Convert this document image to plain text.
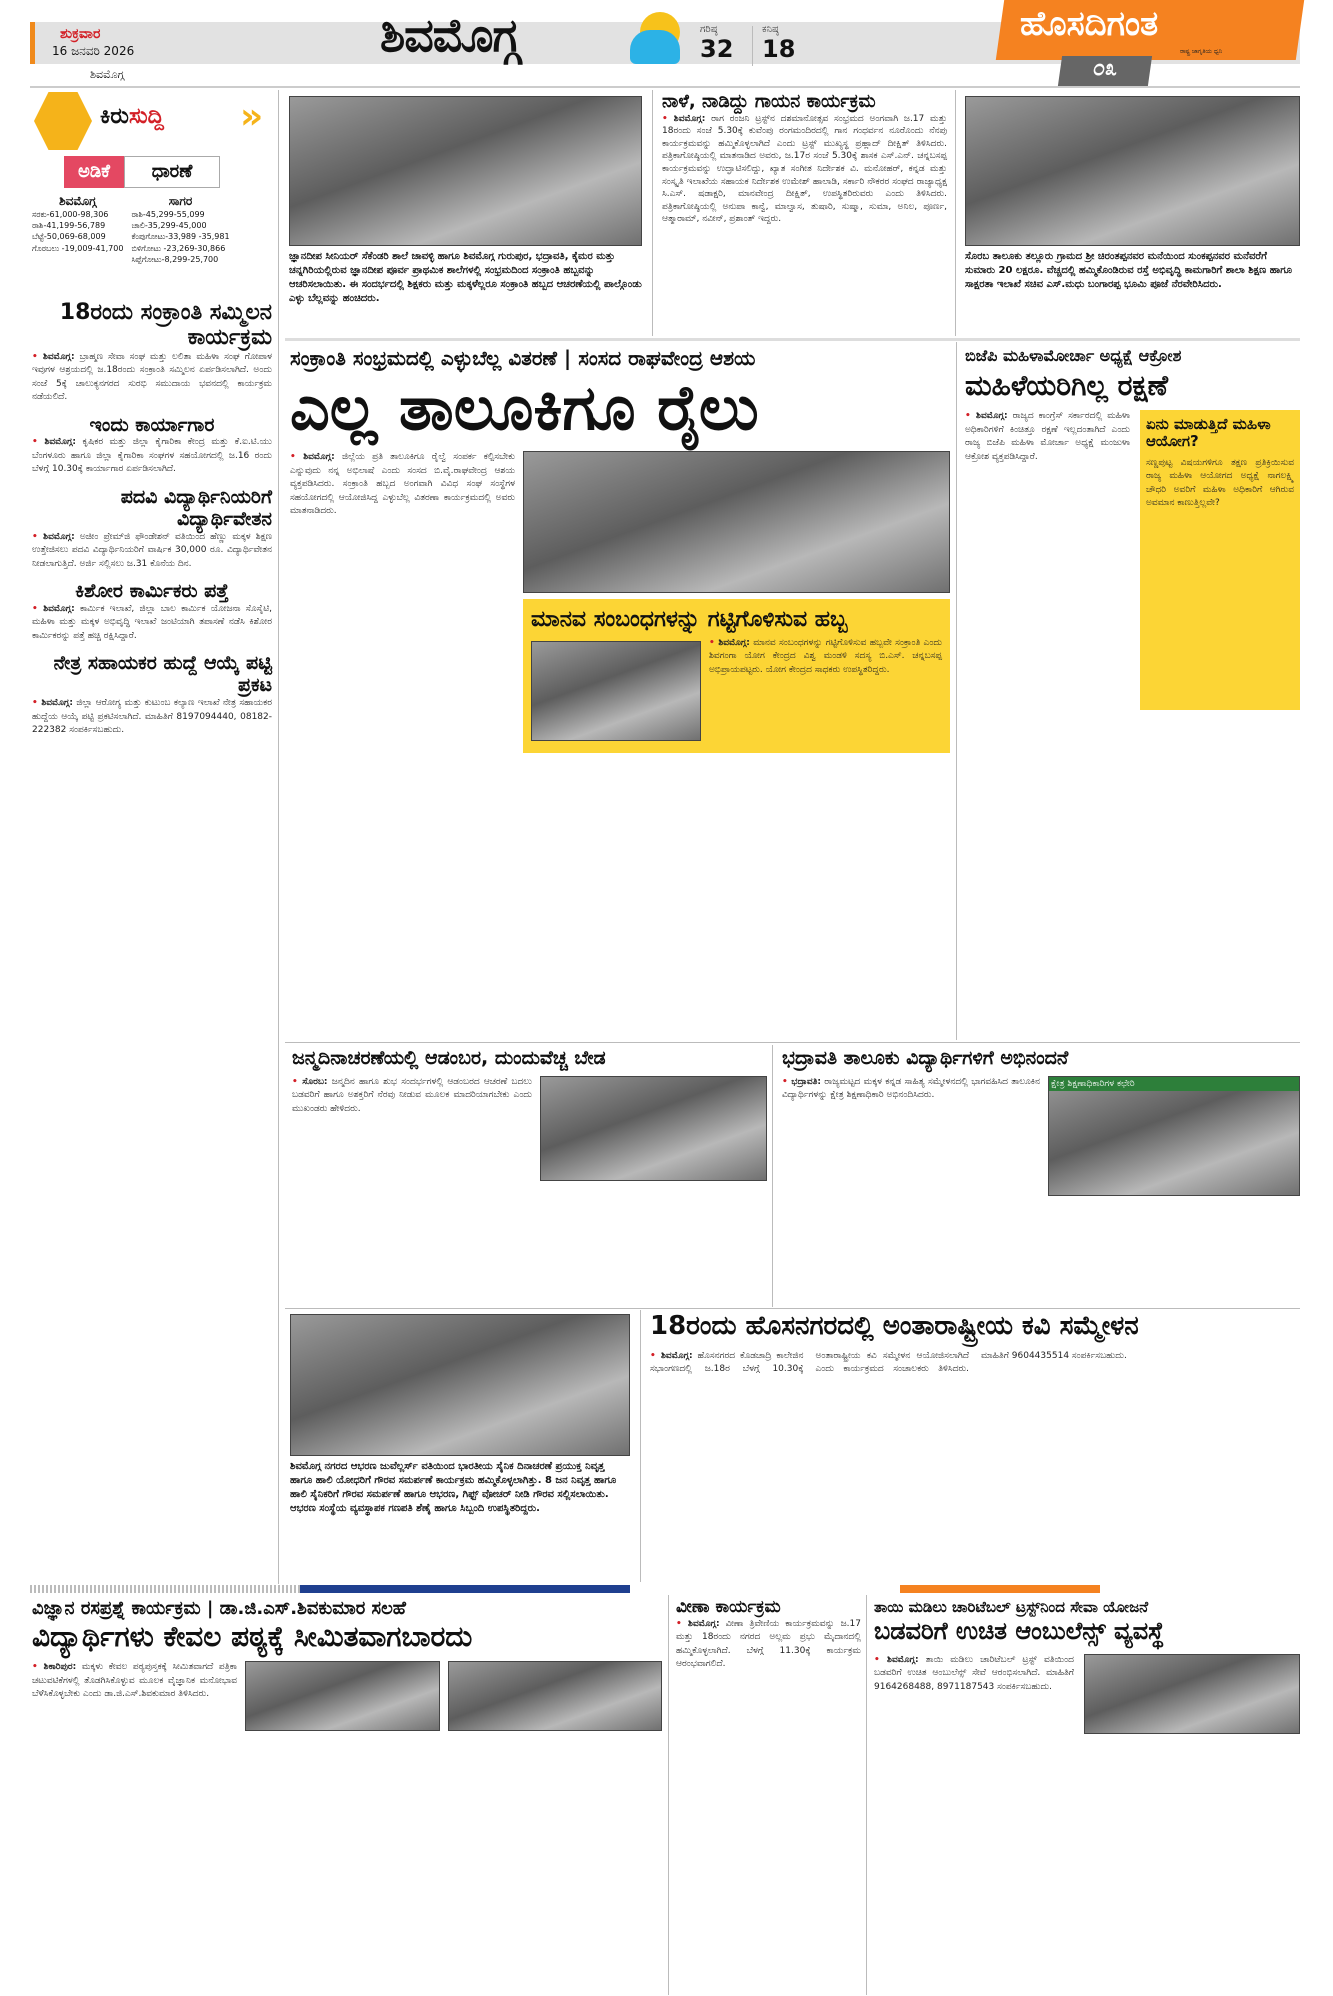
ಶುಕ್ರವಾರ
16 ಜನವರಿ 2026
ಶಿವಮೊಗ್ಗ
ಶಿವಮೊಗ್ಗ	ಗರಿಷ್ಠ
32
ಕನಿಷ್ಠ
18
ಹೊಸದಿಗಂತ
ರಾಷ್ಟ್ರ ಜಾಗೃತಿಯ ಧ್ವನಿ
೦೩
ಕಿರುಸುದ್ದಿ »
ಅಡಿಕೆ	ಧಾರಣೆ
ಶಿವಮೊಗ್ಗ
ಸರಕು-61,000-98,306
ರಾಶಿ-41,199-56,789
ಬೆಟ್ಟೆ-50,069-68,009
ಗೊರಬಲು -19,009-41,700
ಸಾಗರ
ರಾಶಿ-45,299-55,099
ಚಾಲಿ-35,299-45,000
ಕೆಂಪುಗೋಟು-33,989 -35,981
ಬಿಳಿಗೋಟು -23,269-30,866
ಸಿಪ್ಪೆಗೋಟು-8,299-25,700
18ರಂದು ಸಂಕ್ರಾಂತಿ ಸಮ್ಮಿಲನ ಕಾರ್ಯಕ್ರಮ

• ಶಿವಮೊಗ್ಗ: ಬ್ರಾಹ್ಮಣ ಸೇವಾ ಸಂಘ ಮತ್ತು ಲಲಿತಾ ಮಹಿಳಾ ಸಂಘ ಗೋಪಾಳ ಇವುಗಳ ಆಶ್ರಯದಲ್ಲಿ ಜ.18ರಂದು ಸಂಕ್ರಾಂತಿ ಸಮ್ಮಿಲನ ಏರ್ಪಡಿಸಲಾಗಿದೆ. ಅಂದು ಸಂಜೆ 5ಕ್ಕೆ ಚಾಲುಕ್ಯನಗರದ ಸುರಭಿ ಸಮುದಾಯ ಭವನದಲ್ಲಿ ಕಾರ್ಯಕ್ರಮ ನಡೆಯಲಿದೆ.

ಇಂದು ಕಾರ್ಯಾಗಾರ

• ಶಿವಮೊಗ್ಗ: ಕೃಷಿಕರ ಮತ್ತು ಜಿಲ್ಲಾ ಕೈಗಾರಿಕಾ ಕೇಂದ್ರ ಮತ್ತು ಕೆ.ಐ.ಟಿ.ಯು ಬೆಂಗಳೂರು ಹಾಗೂ ಜಿಲ್ಲಾ ಕೈಗಾರಿಕಾ ಸಂಘಗಳ ಸಹಯೋಗದಲ್ಲಿ ಜ.16 ರಂದು ಬೆಳಗ್ಗೆ 10.30ಕ್ಕೆ ಕಾರ್ಯಾಗಾರ ಏರ್ಪಡಿಸಲಾಗಿದೆ.

ಪದವಿ ವಿದ್ಯಾರ್ಥಿನಿಯರಿಗೆ ವಿದ್ಯಾರ್ಥಿವೇತನ

• ಶಿವಮೊಗ್ಗ: ಅಜೀಂ ಪ್ರೇಮ್‌ಜಿ ಫೌಂಡೇಶನ್ ವತಿಯಿಂದ ಹೆಣ್ಣು ಮಕ್ಕಳ ಶಿಕ್ಷಣ ಉತ್ತೇಜಿಸಲು ಪದವಿ ವಿದ್ಯಾರ್ಥಿನಿಯರಿಗೆ ವಾರ್ಷಿಕ 30,000 ರೂ. ವಿದ್ಯಾರ್ಥಿವೇತನ ನೀಡಲಾಗುತ್ತಿದೆ. ಅರ್ಜಿ ಸಲ್ಲಿಸಲು ಜ.31 ಕೊನೆಯ ದಿನ.

ಕಿಶೋರ ಕಾರ್ಮಿಕರು ಪತ್ತೆ

• ಶಿವಮೊಗ್ಗ: ಕಾರ್ಮಿಕ ಇಲಾಖೆ, ಜಿಲ್ಲಾ ಬಾಲ ಕಾರ್ಮಿಕ ಯೋಜನಾ ಸೊಸೈಟಿ, ಮಹಿಳಾ ಮತ್ತು ಮಕ್ಕಳ ಅಭಿವೃದ್ಧಿ ಇಲಾಖೆ ಜಂಟಿಯಾಗಿ ತಪಾಸಣೆ ನಡೆಸಿ ಕಿಶೋರ ಕಾರ್ಮಿಕರನ್ನು ಪತ್ತೆ ಹಚ್ಚಿ ರಕ್ಷಿಸಿದ್ದಾರೆ.

ನೇತ್ರ ಸಹಾಯಕರ ಹುದ್ದೆ ಆಯ್ಕೆ ಪಟ್ಟಿ ಪ್ರಕಟ

• ಶಿವಮೊಗ್ಗ: ಜಿಲ್ಲಾ ಆರೋಗ್ಯ ಮತ್ತು ಕುಟುಂಬ ಕಲ್ಯಾಣ ಇಲಾಖೆ ನೇತ್ರ ಸಹಾಯಕರ ಹುದ್ದೆಯ ಆಯ್ಕೆ ಪಟ್ಟಿ ಪ್ರಕಟಿಸಲಾಗಿದೆ. ಮಾಹಿತಿಗೆ 8197094440, 08182-222382 ಸಂಪರ್ಕಿಸಬಹುದು.

ಜ್ಞಾನದೀಪ ಸೀನಿಯರ್ ಸೆಕೆಂಡರಿ ಶಾಲೆ ಜಾವಳ್ಳಿ ಹಾಗೂ ಶಿವಮೊಗ್ಗ ಗುರುಪುರ, ಭದ್ರಾವತಿ, ಕೈಮರ ಮತ್ತು ಚನ್ನಗಿರಿಯಲ್ಲಿರುವ ಜ್ಞಾನದೀಪ ಪೂರ್ವ ಪ್ರಾಥಮಿಕ ಶಾಲೆಗಳಲ್ಲಿ ಸಂಭ್ರಮದಿಂದ ಸಂಕ್ರಾಂತಿ ಹಬ್ಬವನ್ನು ಆಚರಿಸಲಾಯಿತು. ಈ ಸಂದರ್ಭದಲ್ಲಿ ಶಿಕ್ಷಕರು ಮತ್ತು ಮಕ್ಕಳೆಲ್ಲರೂ ಸಂಕ್ರಾಂತಿ ಹಬ್ಬದ ಆಚರಣೆಯಲ್ಲಿ ಪಾಲ್ಗೊಂಡು ಎಳ್ಳು ಬೆಲ್ಲವನ್ನು ಹಂಚಿದರು.

ನಾಳೆ, ನಾಡಿದ್ದು ಗಾಯನ ಕಾರ್ಯಕ್ರಮ

• ಶಿವಮೊಗ್ಗ: ರಾಗ ರಂಜನಿ ಟ್ರಸ್ಟ್‌ನ ದಶಮಾನೋತ್ಸವ ಸಂಭ್ರಮದ ಅಂಗವಾಗಿ ಜ.17 ಮತ್ತು 18ರಂದು ಸಂಜೆ 5.30ಕ್ಕೆ ಕುವೆಂಪು ರಂಗಮಂದಿರದಲ್ಲಿ ಗಾನ ಗಂಧರ್ವನ ನೂರೊಂದು ನೆನಪು ಕಾರ್ಯಕ್ರಮವನ್ನು ಹಮ್ಮಿಕೊಳ್ಳಲಾಗಿದೆ ಎಂದು ಟ್ರಸ್ಟ್ ಮುಖ್ಯಸ್ಥ ಪ್ರಹ್ಲಾದ್ ದೀಕ್ಷಿತ್ ತಿಳಿಸಿದರು. ಪತ್ರಿಕಾಗೋಷ್ಠಿಯಲ್ಲಿ ಮಾತನಾಡಿದ ಅವರು, ಜ.17ರ ಸಂಜೆ 5.30ಕ್ಕೆ ಶಾಸಕ ಎಸ್.ಎನ್. ಚನ್ನಬಸಪ್ಪ ಕಾರ್ಯಕ್ರಮವನ್ನು ಉದ್ಘಾಟಿಸಲಿದ್ದು, ಖ್ಯಾತ ಸಂಗೀತ ನಿರ್ದೇಶಕ ವಿ. ಮನೋಹರ್, ಕನ್ನಡ ಮತ್ತು ಸಂಸ್ಕೃತಿ ಇಲಾಖೆಯ ಸಹಾಯಕ ನಿರ್ದೇಶಕ ಉಮೇಶ್ ಹಾಲಾಡಿ, ಸರ್ಕಾರಿ ನೌಕರರ ಸಂಘದ ರಾಜ್ಯಾಧ್ಯಕ್ಷ ಸಿ.ಎಸ್. ಷಡಾಕ್ಷರಿ, ಮಾನವೇಂದ್ರ ದೀಕ್ಷಿತ್, ಉಪಸ್ಥಿತರಿರುವರು ಎಂದು ತಿಳಿಸಿದರು. ಪತ್ರಿಕಾಗೋಷ್ಠಿಯಲ್ಲಿ ಅನುಪಾ ಕಾನ್ವೆ, ಮಾಲ್ವಾಸ, ತುಷಾರಿ, ಸುಷ್ಮಾ, ಸುಮಾ, ಅನಿಲ, ಪೂರ್ಣ, ಆತ್ಮಾರಾಮ್, ನವೀನ್, ಪ್ರಶಾಂತ್ ಇದ್ದರು.

ಸೊರಬ ತಾಲೂಕು ತಲ್ಲೂರು ಗ್ರಾಮದ ಶ್ರೀ ಚಿರಂತಪ್ಪನವರ ಮನೆಯಿಂದ ಸುಂಕಪ್ಪನವರ ಮನೆವರೆಗೆ ಸುಮಾರು 20 ಲಕ್ಷರೂ. ವೆಚ್ಚದಲ್ಲಿ ಹಮ್ಮಿಕೊಂಡಿರುವ ರಸ್ತೆ ಅಭಿವೃದ್ಧಿ ಕಾಮಗಾರಿಗೆ ಶಾಲಾ ಶಿಕ್ಷಣ ಹಾಗೂ ಸಾಕ್ಷರತಾ ಇಲಾಖೆ ಸಚಿವ ಎಸ್.ಮಧು ಬಂಗಾರಪ್ಪ ಭೂಮಿ ಪೂಜೆ ನೆರವೇರಿಸಿದರು.

ಸಂಕ್ರಾಂತಿ ಸಂಭ್ರಮದಲ್ಲಿ ಎಳ್ಳುಬೆಲ್ಲ ವಿತರಣೆ | ಸಂಸದ ರಾಘವೇಂದ್ರ ಆಶಯ
ಎಲ್ಲ ತಾಲೂಕಿಗೂ ರೈಲು

• ಶಿವಮೊಗ್ಗ: ಜಿಲ್ಲೆಯ ಪ್ರತಿ ತಾಲೂಕಿಗೂ ರೈಲ್ವೆ ಸಂಪರ್ಕ ಕಲ್ಪಿಸಬೇಕು ಎನ್ನುವುದು ನನ್ನ ಅಭಿಲಾಷೆ ಎಂದು ಸಂಸದ ಬಿ.ವೈ.ರಾಘವೇಂದ್ರ ಆಶಯ ವ್ಯಕ್ತಪಡಿಸಿದರು. ಸಂಕ್ರಾಂತಿ ಹಬ್ಬದ ಅಂಗವಾಗಿ ವಿವಿಧ ಸಂಘ ಸಂಸ್ಥೆಗಳ ಸಹಯೋಗದಲ್ಲಿ ಆಯೋಜಿಸಿದ್ದ ಎಳ್ಳುಬೆಲ್ಲ ವಿತರಣಾ ಕಾರ್ಯಕ್ರಮದಲ್ಲಿ ಅವರು ಮಾತನಾಡಿದರು.

ಮಾನವ ಸಂಬಂಧಗಳನ್ನು ಗಟ್ಟಿಗೊಳಿಸುವ ಹಬ್ಬ

• ಶಿವಮೊಗ್ಗ: ಮಾನವ ಸಂಬಂಧಗಳನ್ನು ಗಟ್ಟಿಗೊಳಿಸುವ ಹಬ್ಬವೇ ಸಂಕ್ರಾಂತಿ ಎಂದು ಶಿವಗಂಗಾ ಯೋಗ ಕೇಂದ್ರದ ವಿಶ್ವ ಮಂಡಳಿ ಸದಸ್ಯ ಬಿ.ಎಸ್. ಚನ್ನಬಸಪ್ಪ ಅಭಿಪ್ರಾಯಪಟ್ಟರು. ಯೋಗ ಕೇಂದ್ರದ ಸಾಧಕರು ಉಪಸ್ಥಿತರಿದ್ದರು.

ಬಿಜೆಪಿ ಮಹಿಳಾಮೋರ್ಚಾ ಅಧ್ಯಕ್ಷೆ ಆಕ್ರೋಶ
ಮಹಿಳೆಯರಿಗಿಲ್ಲ ರಕ್ಷಣೆ

• ಶಿವಮೊಗ್ಗ: ರಾಜ್ಯದ ಕಾಂಗ್ರೆಸ್ ಸರ್ಕಾರದಲ್ಲಿ ಮಹಿಳಾ ಅಧಿಕಾರಿಗಳಿಗೆ ಕಿಂಚಿತ್ತೂ ರಕ್ಷಣೆ ಇಲ್ಲದಂತಾಗಿದೆ ಎಂದು ರಾಜ್ಯ ಬಿಜೆಪಿ ಮಹಿಳಾ ಮೋರ್ಚಾ ಅಧ್ಯಕ್ಷೆ ಮಂಜುಳಾ ಆಕ್ರೋಶ ವ್ಯಕ್ತಪಡಿಸಿದ್ದಾರೆ.

ಏನು ಮಾಡುತ್ತಿದೆ ಮಹಿಳಾ ಆಯೋಗ?

ಸಣ್ಣಪುಟ್ಟ ವಿಷಯಗಳಿಗೂ ತಕ್ಷಣ ಪ್ರತಿಕ್ರಿಯಿಸುವ ರಾಜ್ಯ ಮಹಿಳಾ ಆಯೋಗದ ಅಧ್ಯಕ್ಷೆ ನಾಗಲಕ್ಷ್ಮಿ ಚೌಧರಿ ಅವರಿಗೆ ಮಹಿಳಾ ಅಧಿಕಾರಿಗೆ ಆಗಿರುವ ಅವಮಾನ ಕಾಣುತ್ತಿಲ್ಲವೇ?

ಜನ್ಮದಿನಾಚರಣೆಯಲ್ಲಿ ಆಡಂಬರ, ದುಂದುವೆಚ್ಚ ಬೇಡ

• ಸೊರಬ: ಜನ್ಮದಿನ ಹಾಗೂ ಶುಭ ಸಂದರ್ಭಗಳಲ್ಲಿ ಆಡಂಬರದ ಆಚರಣೆ ಬದಲು ಬಡವರಿಗೆ ಹಾಗೂ ಅಶಕ್ತರಿಗೆ ನೆರವು ನೀಡುವ ಮೂಲಕ ಮಾದರಿಯಾಗಬೇಕು ಎಂದು ಮುಖಂಡರು ಹೇಳಿದರು.

ಭದ್ರಾವತಿ ತಾಲೂಕು ವಿದ್ಯಾರ್ಥಿಗಳಿಗೆ ಅಭಿನಂದನೆ

• ಭದ್ರಾವತಿ: ರಾಜ್ಯಮಟ್ಟದ ಮಕ್ಕಳ ಕನ್ನಡ ಸಾಹಿತ್ಯ ಸಮ್ಮೇಳನದಲ್ಲಿ ಭಾಗವಹಿಸಿದ ತಾಲೂಕಿನ ವಿದ್ಯಾರ್ಥಿಗಳನ್ನು ಕ್ಷೇತ್ರ ಶಿಕ್ಷಣಾಧಿಕಾರಿ ಅಭಿನಂದಿಸಿದರು.

ಕ್ಷೇತ್ರ ಶಿಕ್ಷಣಾಧಿಕಾರಿಗಳ ಕಛೇರಿ

ಶಿವಮೊಗ್ಗ ನಗರದ ಆಭರಣ ಜುವೆಲ್ಲರ್ಸ್ ವತಿಯಿಂದ ಭಾರತೀಯ ಸೈನಿಕ ದಿನಾಚರಣೆ ಪ್ರಯುಕ್ತ ನಿವೃತ್ತ ಹಾಗೂ ಹಾಲಿ ಯೋಧರಿಗೆ ಗೌರವ ಸಮರ್ಪಣೆ ಕಾರ್ಯಕ್ರಮ ಹಮ್ಮಿಕೊಳ್ಳಲಾಗಿತ್ತು. 8 ಜನ ನಿವೃತ್ತ ಹಾಗೂ ಹಾಲಿ ಸೈನಿಕರಿಗೆ ಗೌರವ ಸಮರ್ಪಣೆ ಹಾಗೂ ಆಭರಣ, ಗಿಫ್ಟ್ ವೋಚರ್ ನೀಡಿ ಗೌರವ ಸಲ್ಲಿಸಲಾಯಿತು. ಆಭರಣ ಸಂಸ್ಥೆಯ ವ್ಯವಸ್ಥಾಪಕ ಗಣಪತಿ ಶೆಣೈ ಹಾಗೂ ಸಿಬ್ಬಂದಿ ಉಪಸ್ಥಿತರಿದ್ದರು.

18ರಂದು ಹೊಸನಗರದಲ್ಲಿ ಅಂತಾರಾಷ್ಟ್ರೀಯ ಕವಿ ಸಮ್ಮೇಳನ

• ಶಿವಮೊಗ್ಗ: ಹೊಸನಗರದ ಕೊಡಚಾದ್ರಿ ಕಾಲೇಜಿನ ಸಭಾಂಗಣದಲ್ಲಿ ಜ.18ರ ಬೆಳಗ್ಗೆ 10.30ಕ್ಕೆ ಅಂತಾರಾಷ್ಟ್ರೀಯ ಕವಿ ಸಮ್ಮೇಳನ ಆಯೋಜಿಸಲಾಗಿದೆ ಎಂದು ಕಾರ್ಯಕ್ರಮದ ಸಂಚಾಲಕರು ತಿಳಿಸಿದರು. ಮಾಹಿತಿಗೆ 9604435514 ಸಂಪರ್ಕಿಸಬಹುದು.

ವಿಜ್ಞಾನ ರಸಪ್ರಶ್ನೆ ಕಾರ್ಯಕ್ರಮ | ಡಾ.ಜಿ.ಎಸ್.ಶಿವಕುಮಾರ ಸಲಹೆ
ವಿದ್ಯಾರ್ಥಿಗಳು ಕೇವಲ ಪಠ್ಯಕ್ಕೆ ಸೀಮಿತವಾಗಬಾರದು

• ಶಿಕಾರಿಪುರ: ಮಕ್ಕಳು ಕೇವಲ ಪಠ್ಯಪುಸ್ತಕಕ್ಕೆ ಸೀಮಿತವಾಗದೆ ಪತ್ರಿಕಾ ಚಟುವಟಿಕೆಗಳಲ್ಲಿ ತೊಡಗಿಸಿಕೊಳ್ಳುವ ಮೂಲಕ ವೈಜ್ಞಾನಿಕ ಮನೋಭಾವ ಬೆಳೆಸಿಕೊಳ್ಳಬೇಕು ಎಂದು ಡಾ.ಜಿ.ಎಸ್.ಶಿವಕುಮಾರ ತಿಳಿಸಿದರು.

ವೀಣಾ ಕಾರ್ಯಕ್ರಮ

• ಶಿವಮೊಗ್ಗ: ವೀಣಾ ತ್ರಿವೇಣಿಯ ಕಾರ್ಯಕ್ರಮವನ್ನು ಜ.17 ಮತ್ತು 18ರಂದು ನಗರದ ಅಲ್ಲಮ ಪ್ರಭು ಮೈದಾನದಲ್ಲಿ ಹಮ್ಮಿಕೊಳ್ಳಲಾಗಿದೆ. ಬೆಳಗ್ಗೆ 11.30ಕ್ಕೆ ಕಾರ್ಯಕ್ರಮ ಆರಂಭವಾಗಲಿದೆ.

ತಾಯಿ ಮಡಿಲು ಚಾರಿಟೆಬಲ್ ಟ್ರಸ್ಟ್‌ನಿಂದ ಸೇವಾ ಯೋಜನೆ
ಬಡವರಿಗೆ ಉಚಿತ ಆಂಬುಲೆನ್ಸ್ ವ್ಯವಸ್ಥೆ

• ಶಿವಮೊಗ್ಗ: ತಾಯಿ ಮಡಿಲು ಚಾರಿಟೆಬಲ್ ಟ್ರಸ್ಟ್ ವತಿಯಿಂದ ಬಡವರಿಗೆ ಉಚಿತ ಆಂಬುಲೆನ್ಸ್ ಸೇವೆ ಆರಂಭಿಸಲಾಗಿದೆ. ಮಾಹಿತಿಗೆ 9164268488, 8971187543 ಸಂಪರ್ಕಿಸಬಹುದು.
